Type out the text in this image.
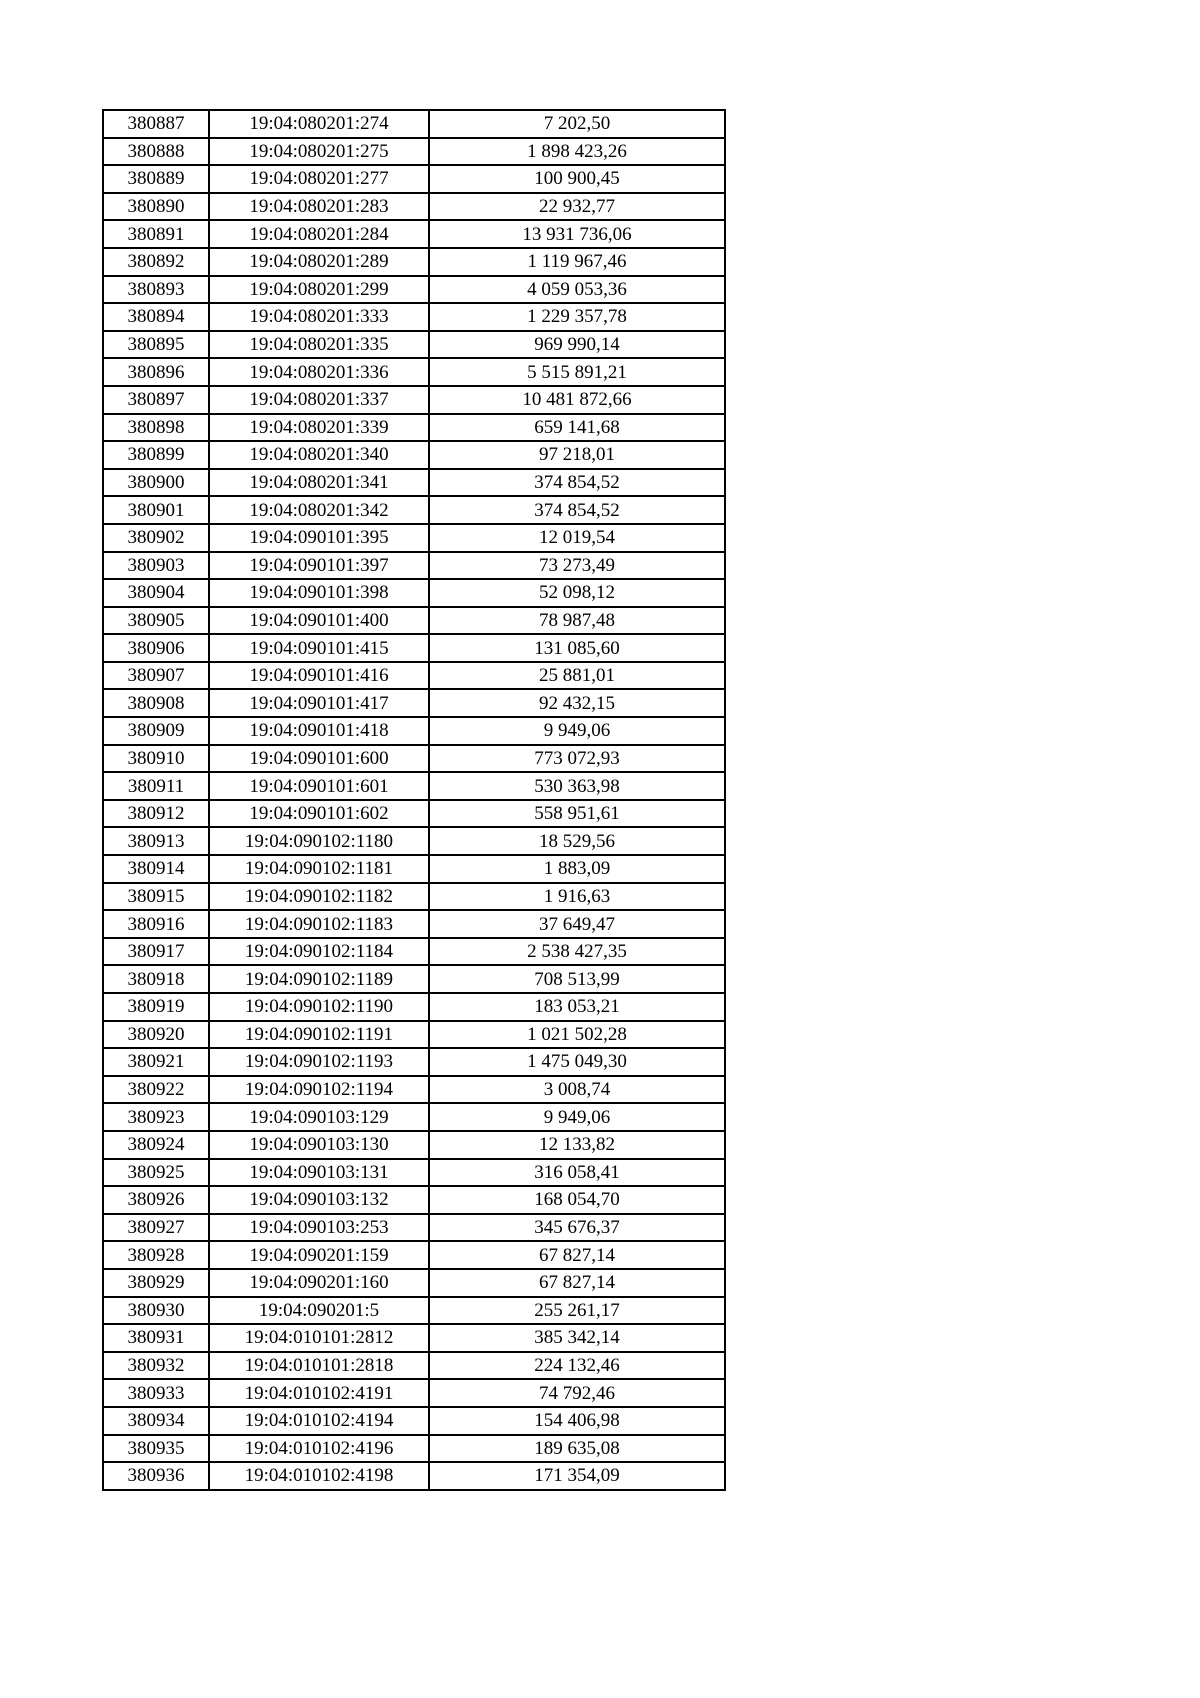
380887	19:04:080201:274	7 202,50
380888	19:04:080201:275	1 898 423,26
380889	19:04:080201:277	100 900,45
380890	19:04:080201:283	22 932,77
380891	19:04:080201:284	13 931 736,06
380892	19:04:080201:289	1 119 967,46
380893	19:04:080201:299	4 059 053,36
380894	19:04:080201:333	1 229 357,78
380895	19:04:080201:335	969 990,14
380896	19:04:080201:336	5 515 891,21
380897	19:04:080201:337	10 481 872,66
380898	19:04:080201:339	659 141,68
380899	19:04:080201:340	97 218,01
380900	19:04:080201:341	374 854,52
380901	19:04:080201:342	374 854,52
380902	19:04:090101:395	12 019,54
380903	19:04:090101:397	73 273,49
380904	19:04:090101:398	52 098,12
380905	19:04:090101:400	78 987,48
380906	19:04:090101:415	131 085,60
380907	19:04:090101:416	25 881,01
380908	19:04:090101:417	92 432,15
380909	19:04:090101:418	9 949,06
380910	19:04:090101:600	773 072,93
380911	19:04:090101:601	530 363,98
380912	19:04:090101:602	558 951,61
380913	19:04:090102:1180	18 529,56
380914	19:04:090102:1181	1 883,09
380915	19:04:090102:1182	1 916,63
380916	19:04:090102:1183	37 649,47
380917	19:04:090102:1184	2 538 427,35
380918	19:04:090102:1189	708 513,99
380919	19:04:090102:1190	183 053,21
380920	19:04:090102:1191	1 021 502,28
380921	19:04:090102:1193	1 475 049,30
380922	19:04:090102:1194	3 008,74
380923	19:04:090103:129	9 949,06
380924	19:04:090103:130	12 133,82
380925	19:04:090103:131	316 058,41
380926	19:04:090103:132	168 054,70
380927	19:04:090103:253	345 676,37
380928	19:04:090201:159	67 827,14
380929	19:04:090201:160	67 827,14
380930	19:04:090201:5	255 261,17
380931	19:04:010101:2812	385 342,14
380932	19:04:010101:2818	224 132,46
380933	19:04:010102:4191	74 792,46
380934	19:04:010102:4194	154 406,98
380935	19:04:010102:4196	189 635,08
380936	19:04:010102:4198	171 354,09
